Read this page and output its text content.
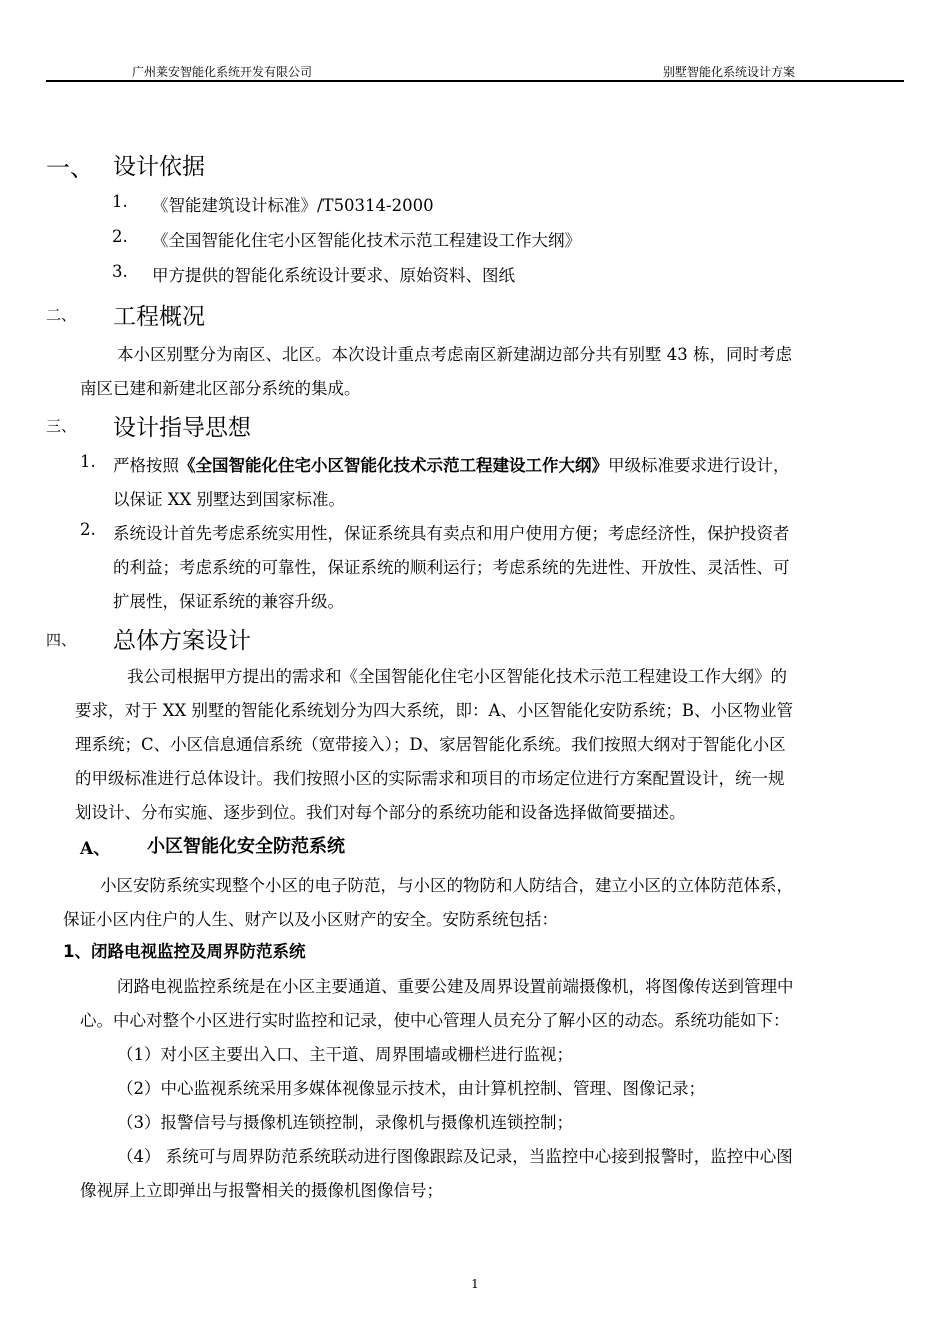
广州莱安智能化系统开发有限公司	别墅智能化系统设计方案
一、 设计依据
1. 《智能建筑设计标准》/T50314-2000
2. 《全国智能化住宅小区智能化技术示范工程建设工作大纲》
3. 甲方提供的智能化系统设计要求、原始资料、图纸
二、 工程概况
本小区别墅分为南区、北区。本次设计重点考虑南区新建湖边部分共有别墅 43 栋，同时考虑
南区已建和新建北区部分系统的集成。
三、 设计指导思想
1. 严格按照《全国智能化住宅小区智能化技术示范工程建设工作大纲》甲级标准要求进行设计，
以保证 XX 别墅达到国家标准。
2. 系统设计首先考虑系统实用性，保证系统具有卖点和用户使用方便；考虑经济性，保护投资者
的利益；考虑系统的可靠性，保证系统的顺利运行；考虑系统的先进性、开放性、灵活性、可
扩展性，保证系统的兼容升级。
四、 总体方案设计
我公司根据甲方提出的需求和《全国智能化住宅小区智能化技术示范工程建设工作大纲》的
要求，对于 XX 别墅的智能化系统划分为四大系统，即：A、小区智能化安防系统；B、小区物业管
理系统；C、小区信息通信系统（宽带接入）；D、家居智能化系统。我们按照大纲对于智能化小区
的甲级标准进行总体设计。我们按照小区的实际需求和项目的市场定位进行方案配置设计，统一规
划设计、分布实施、逐步到位。我们对每个部分的系统功能和设备选择做简要描述。
A、 小区智能化安全防范系统
小区安防系统实现整个小区的电子防范，与小区的物防和人防结合，建立小区的立体防范体系，
保证小区内住户的人生、财产以及小区财产的安全。安防系统包括：
1、闭路电视监控及周界防范系统
闭路电视监控系统是在小区主要通道、重要公建及周界设置前端摄像机，将图像传送到管理中
心。中心对整个小区进行实时监控和记录，使中心管理人员充分了解小区的动态。系统功能如下：
（1）对小区主要出入口、主干道、周界围墙或栅栏进行监视；
（2）中心监视系统采用多媒体视像显示技术，由计算机控制、管理、图像记录；
（3）报警信号与摄像机连锁控制，录像机与摄像机连锁控制；
（4） 系统可与周界防范系统联动进行图像跟踪及记录，当监控中心接到报警时，监控中心图
像视屏上立即弹出与报警相关的摄像机图像信号；
1
